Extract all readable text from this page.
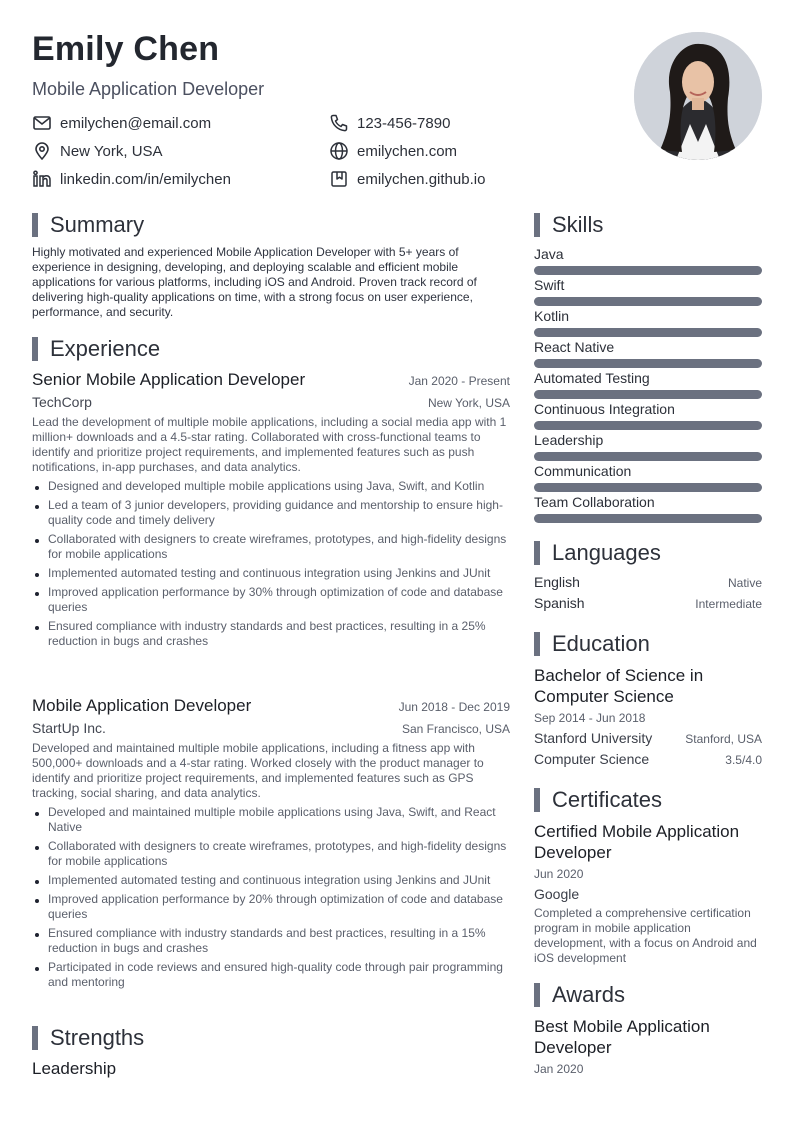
Emily Chen
Mobile Application Developer
emilychen@email.com
New York, USA
linkedin.com/in/emilychen
123-456-7890
emilychen.com
emilychen.github.io
Summary
Highly motivated and experienced Mobile Application Developer with 5+ years of experience in designing, developing, and deploying scalable and efficient mobile applications for various platforms, including iOS and Android. Proven track record of delivering high-quality applications on time, with a strong focus on user experience, performance, and security.
Experience
Senior Mobile Application Developer	Jan 2020 - Present
TechCorp	New York, USA
Lead the development of multiple mobile applications, including a social media app with 1 million+ downloads and a 4.5-star rating. Collaborated with cross-functional teams to identify and prioritize project requirements, and implemented features such as push notifications, in-app purchases, and data analytics.
Designed and developed multiple mobile applications using Java, Swift, and Kotlin
Led a team of 3 junior developers, providing guidance and mentorship to ensure high-quality code and timely delivery
Collaborated with designers to create wireframes, prototypes, and high-fidelity designs for mobile applications
Implemented automated testing and continuous integration using Jenkins and JUnit
Improved application performance by 30% through optimization of code and database queries
Ensured compliance with industry standards and best practices, resulting in a 25% reduction in bugs and crashes
Mobile Application Developer	Jun 2018 - Dec 2019
StartUp Inc.	San Francisco, USA
Developed and maintained multiple mobile applications, including a fitness app with 500,000+ downloads and a 4-star rating. Worked closely with the product manager to identify and prioritize project requirements, and implemented features such as GPS tracking, social sharing, and data analytics.
Developed and maintained multiple mobile applications using Java, Swift, and React Native
Collaborated with designers to create wireframes, prototypes, and high-fidelity designs for mobile applications
Implemented automated testing and continuous integration using Jenkins and JUnit
Improved application performance by 20% through optimization of code and database queries
Ensured compliance with industry standards and best practices, resulting in a 15% reduction in bugs and crashes
Participated in code reviews and ensured high-quality code through pair programming and mentoring
Strengths
Leadership
Skills
Java
Swift
Kotlin
React Native
Automated Testing
Continuous Integration
Leadership
Communication
Team Collaboration
Languages
English	Native
Spanish	Intermediate
Education
Bachelor of Science in Computer Science
Sep 2014 - Jun 2018
Stanford University	Stanford, USA
Computer Science	3.5/4.0
Certificates
Certified Mobile Application Developer
Jun 2020
Google
Completed a comprehensive certification program in mobile application development, with a focus on Android and iOS development
Awards
Best Mobile Application Developer
Jan 2020
